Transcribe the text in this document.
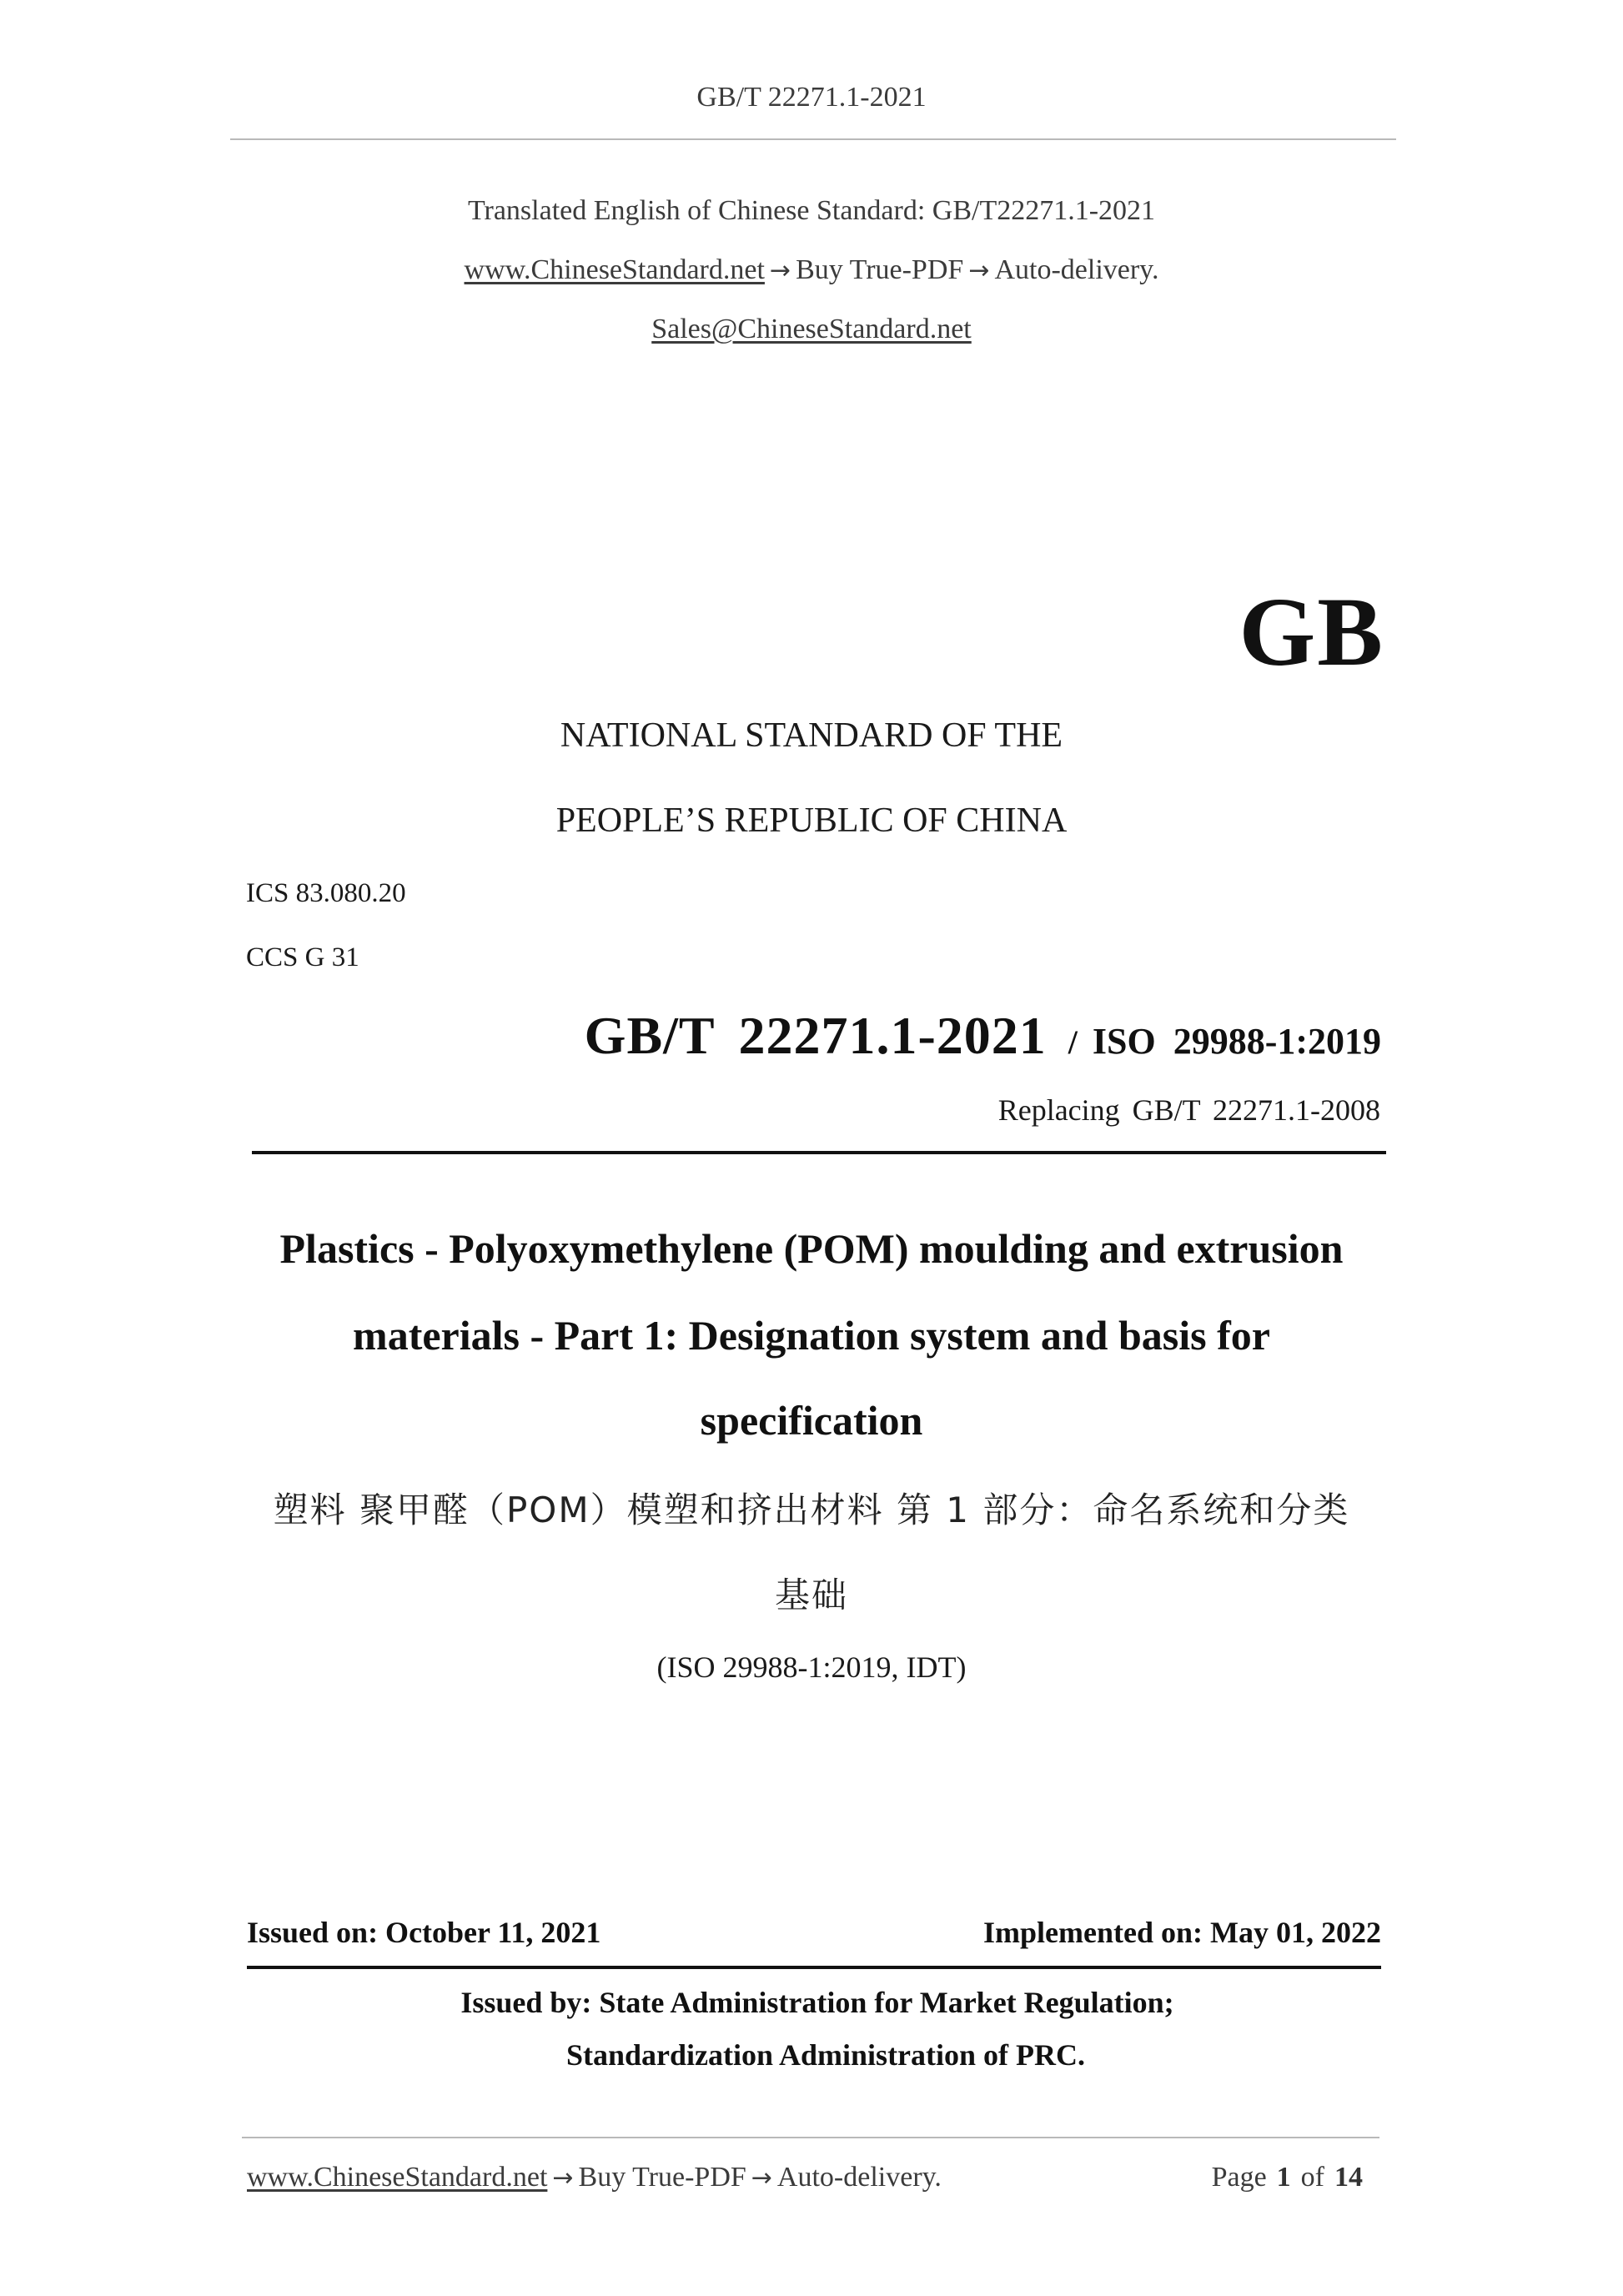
GB/T 22271.1-2021
Translated English of Chinese Standard: GB/T22271.1-2021
www.ChineseStandard.net → Buy True-PDF → Auto-delivery.
Sales@ChineseStandard.net
GB
NATIONAL STANDARD OF THE
PEOPLE’S REPUBLIC OF CHINA
ICS 83.080.20
CCS G 31
GB/T 22271.1-2021 / ISO 29988-1:2019
Replacing GB/T 22271.1-2008
Plastics - Polyoxymethylene (POM) moulding and extrusion
materials - Part 1: Designation system and basis for
specification
塑料 聚甲醛（POM）模塑和挤出材料 第 1 部分：命名系统和分类
基础
(ISO 29988-1:2019, IDT)
Issued on: October 11, 2021	Implemented on: May 01, 2022
Issued by: State Administration for Market Regulation;
Standardization Administration of PRC.
www.ChineseStandard.net → Buy True-PDF → Auto-delivery.	Page 1 of 14
